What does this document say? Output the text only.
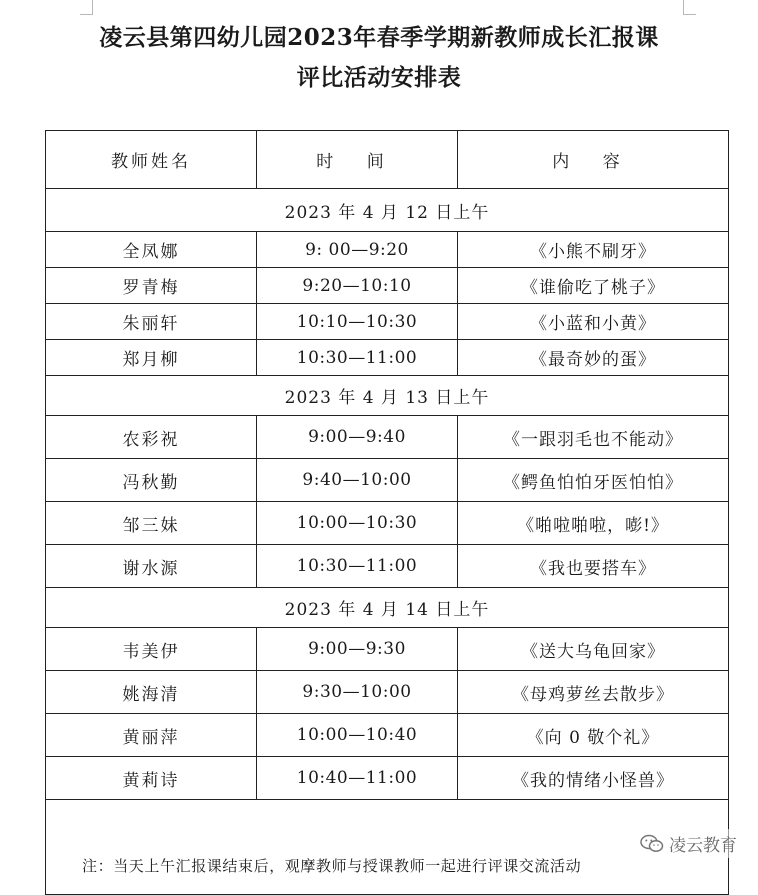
凌云县第四幼儿园2023年春季学期新教师成长汇报课
评比活动安排表
教师姓名	时 间	内 容
2023 年 4 月 12 日上午		
全凤娜	9: 00—9:20	《小熊不刷牙》
罗青梅	9:20—10:10	《谁偷吃了桃子》
朱丽轩	10:10—10:30	《小蓝和小黄》
郑月柳	10:30—11:00	《最奇妙的蛋》
2023 年 4 月 13 日上午		
农彩祝	9:00—9:40	《一跟羽毛也不能动》
冯秋勤	9:40—10:00	《鳄鱼怕怕牙医怕怕》
邹三妹	10:00—10:30	《啪啦啪啦，嘭!》
谢水源	10:30—11:00	《我也要搭车》
2023 年 4 月 14 日上午		
韦美伊	9:00—9:30	《送大乌龟回家》
姚海清	9:30—10:00	《母鸡萝丝去散步》
黄丽萍	10:00—10:40	《向 0 敬个礼》
黄莉诗	10:40—11:00	《我的情绪小怪兽》
注：当天上午汇报课结束后，观摩教师与授课教师一起进行评课交流活动		
凌云教育
